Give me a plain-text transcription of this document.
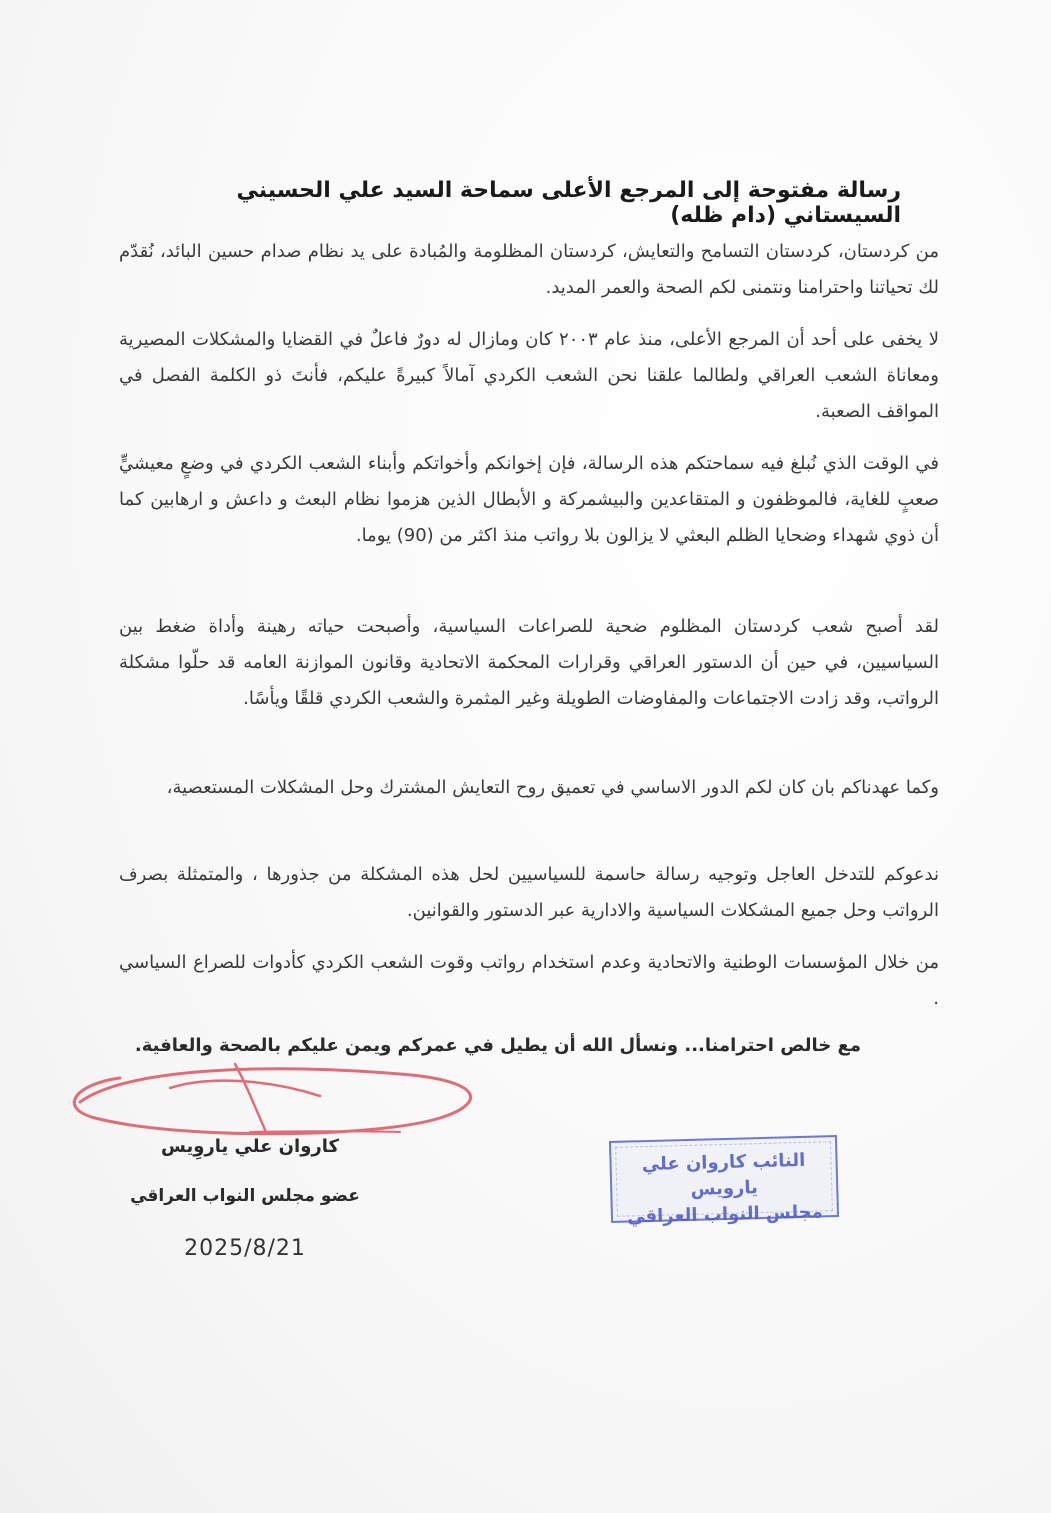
رسالة مفتوحة إلى المرجع الأعلى سماحة السيد علي الحسيني السيستاني (دام ظله)
من كردستان، كردستان التسامح والتعايش، كردستان المظلومة والمُبادة على يد نظام صدام حسين البائد، نُقدّم لك تحياتنا واحترامنا ونتمنى لكم الصحة والعمر المديد.
لا يخفى على أحد أن المرجع الأعلى، منذ عام ٢٠٠٣ كان ومازال له دورٌ فاعلٌ في القضايا والمشكلات المصيرية ومعاناة الشعب العراقي ولطالما علقنا نحن الشعب الكردي آمالاً كبيرةً عليكم، فأنتَ ذو الكلمة الفصل في المواقف الصعبة.
في الوقت الذي نُبلغ فيه سماحتكم هذه الرسالة، فإن إخوانكم وأخواتكم وأبناء الشعب الكردي في وضعٍ معيشيٍّ صعبٍ للغاية، فالموظفون و المتقاعدين والبيشمركة و الأبطال الذين هزموا نظام البعث و داعش و ارهابين كما أن ذوي شهداء وضحايا الظلم البعثي لا يزالون بلا رواتب منذ اكثر من (90) يوما.
لقد أصبح شعب كردستان المظلوم ضحية للصراعات السياسية، وأصبحت حياته رهينة وأداة ضغط بين السياسيين، في حين أن الدستور العراقي وقرارات المحكمة الاتحادية وقانون الموازنة العامه قد حلّوا مشكلة الرواتب، وقد زادت الاجتماعات والمفاوضات الطويلة وغير المثمرة والشعب الكردي قلقًا ويأسًا.
وكما عهدناكم بان كان لكم الدور الاساسي في تعميق روح التعايش المشترك وحل المشكلات المستعصية،
ندعوكم للتدخل العاجل وتوجيه رسالة حاسمة للسياسيين لحل هذه المشكلة من جذورها ، والمتمثلة بصرف الرواتب وحل جميع المشكلات السياسية والادارية عبر الدستور والقوانين.
من خلال المؤسسات الوطنية والاتحادية وعدم استخدام رواتب وقوت الشعب الكردي كأدوات للصراع السياسي .
مع خالص احترامنا... ونسأل الله أن يطيل في عمركم ويمن عليكم بالصحة والعافية.
كاروان علي ياروِيس
عضو مجلس النواب العراقي
2025/8/21
النائب كاروان علي يارويس
مجلس النواب العراقي
